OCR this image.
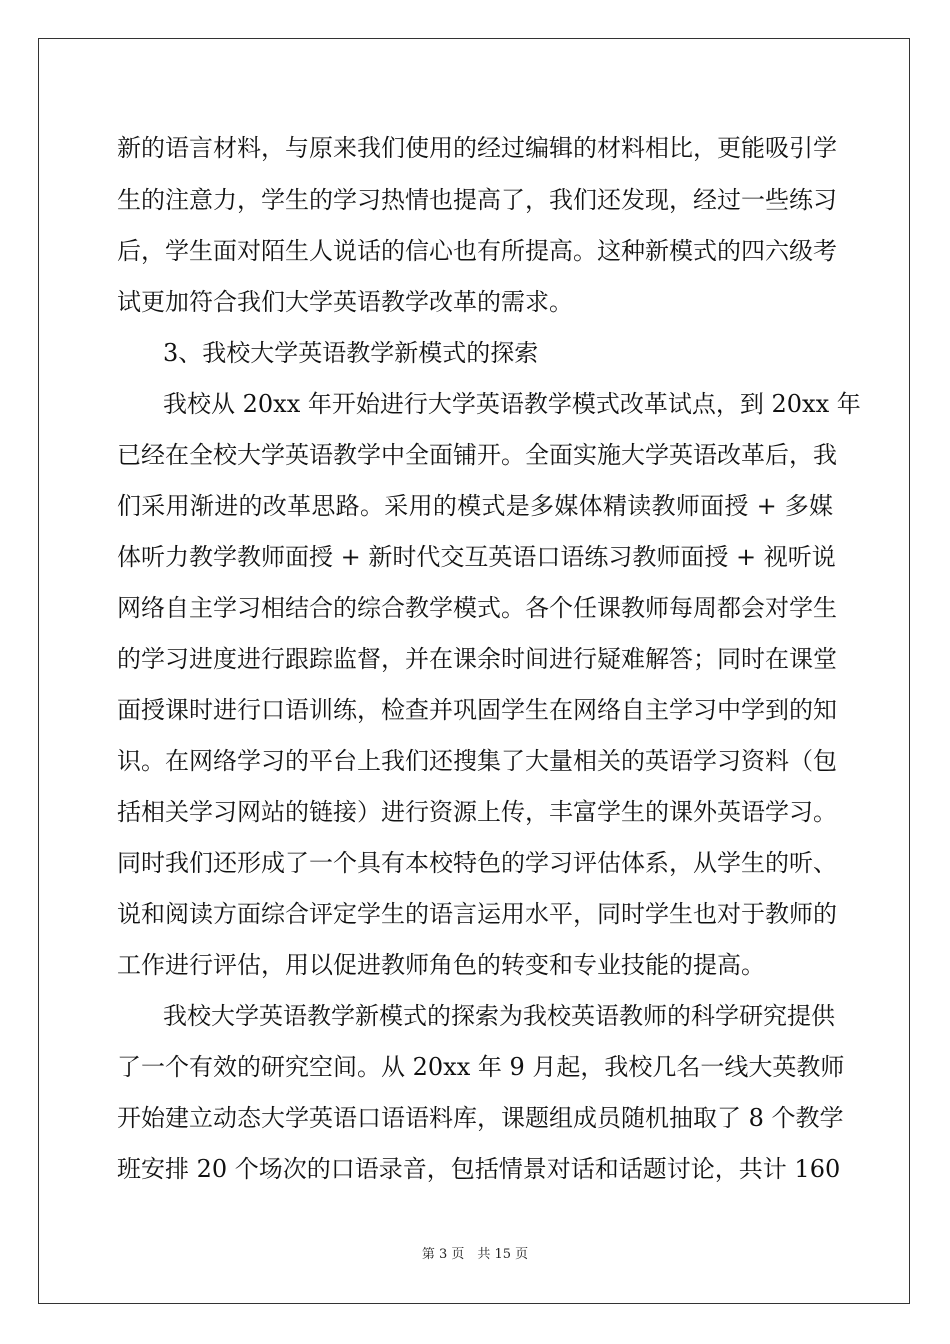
新的语言材料，与原来我们使用的经过编辑的材料相比，更能吸引学
生的注意力，学生的学习热情也提高了，我们还发现，经过一些练习
后，学生面对陌生人说话的信心也有所提高。这种新模式的四六级考
试更加符合我们大学英语教学改革的需求。
3、我校大学英语教学新模式的探索
我校从 20xx 年开始进行大学英语教学模式改革试点，到 20xx 年
已经在全校大学英语教学中全面铺开。全面实施大学英语改革后，我
们采用渐进的改革思路。采用的模式是多媒体精读教师面授 + 多媒
体听力教学教师面授 + 新时代交互英语口语练习教师面授 + 视听说
网络自主学习相结合的综合教学模式。各个任课教师每周都会对学生
的学习进度进行跟踪监督，并在课余时间进行疑难解答；同时在课堂
面授课时进行口语训练，检查并巩固学生在网络自主学习中学到的知
识。在网络学习的平台上我们还搜集了大量相关的英语学习资料（包
括相关学习网站的链接）进行资源上传，丰富学生的课外英语学习。
同时我们还形成了一个具有本校特色的学习评估体系，从学生的听、
说和阅读方面综合评定学生的语言运用水平，同时学生也对于教师的
工作进行评估，用以促进教师角色的转变和专业技能的提高。
我校大学英语教学新模式的探索为我校英语教师的科学研究提供
了一个有效的研究空间。从 20xx 年 9 月起，我校几名一线大英教师
开始建立动态大学英语口语语料库，课题组成员随机抽取了 8 个教学
班安排 20 个场次的口语录音，包括情景对话和话题讨论，共计 160
第 3 页　共 15 页
